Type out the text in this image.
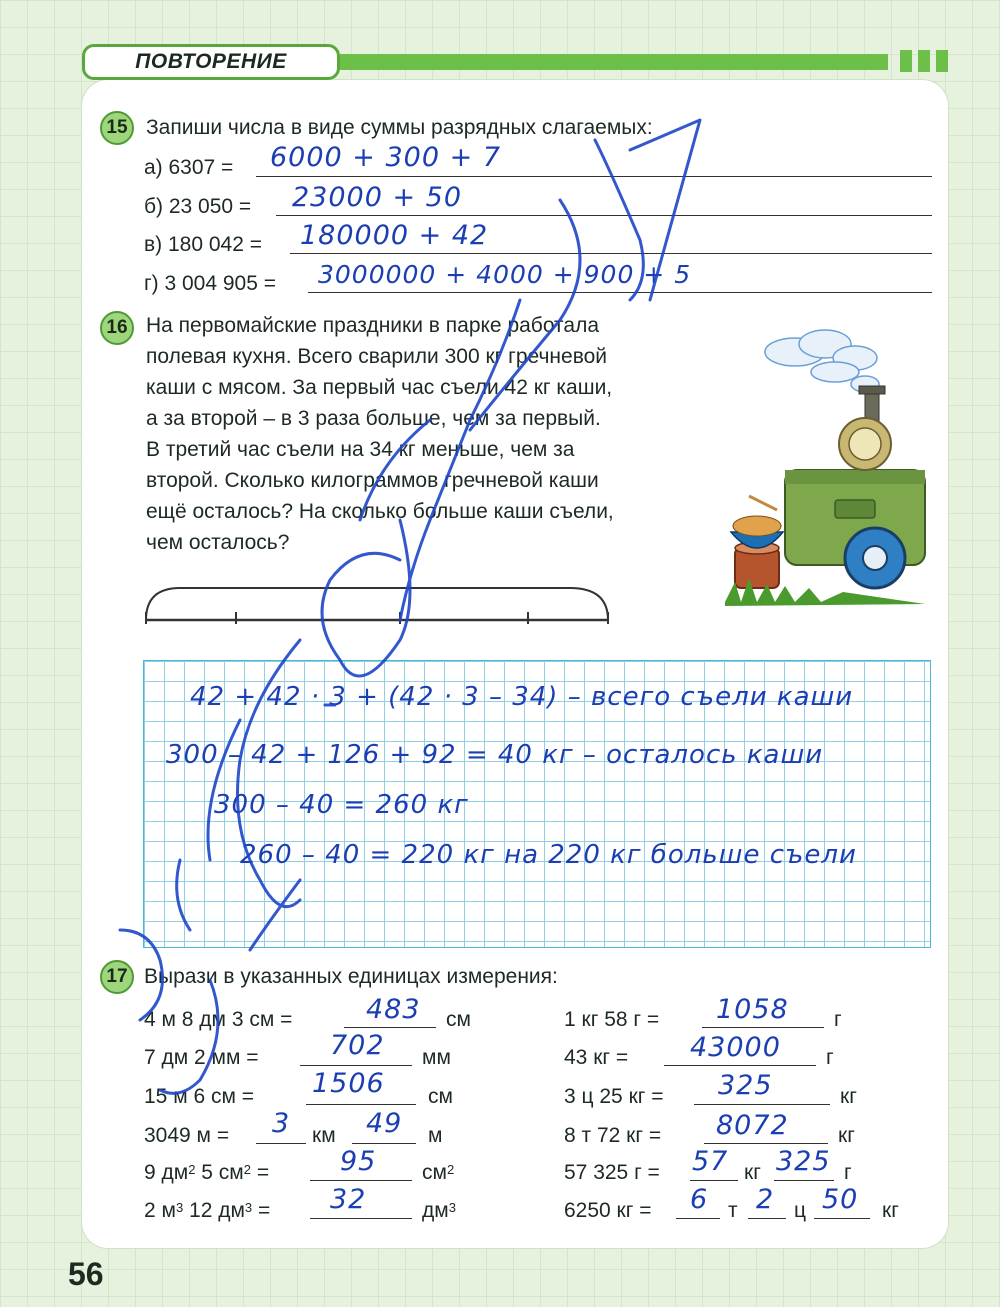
ПОВТОРЕНИЕ
15 Запиши числа в виде суммы разрядных слагаемых:
а) 6307 = 6000 + 300 + 7
б) 23 050 = 23000 + 50
в) 180 042 = 180000 + 42
г) 3 004 905 = 3000000 + 4000 + 900 + 5
16 На первомайские праздники в парке работала
полевая кухня. Всего сварили 300 кг гречневой
каши с мясом. За первый час съели 42 кг каши,
а за второй – в 3 раза больше, чем за первый.
В третий час съели на 34 кг меньше, чем за
второй. Сколько килограммов гречневой каши
ещё осталось? На сколько больше каши съели,
чем осталось?
42 + 42 · 3 + (42 · 3 – 34) – всего съели каши
300 – 42 + 126 + 92 = 40 кг – осталось каши
300 – 40 = 260 кг
260 – 40 = 220 кг на 220 кг больше съели
17 Вырази в указанных единицах измерения:
4 м 8 дм 3 см =	483 см
7 дм 2 мм =	702 мм
15 м 6 см = 1506 см
3049 м = 3 км 49 м
9 $дм^2$ 5 $см^2$ =	95 $см^2$
2 $м^3$ 12 $дм^3 = 32$	$дм^3$
1 кг 58 г = 1058 г
43 кг = 43000 г
3 ц 25 кг = 325	кг
8 т 72 кг = 8072 кг
57 325 г = 57 кг 325 г
6250 кг = 6 т 2 ц 50 кг
56
